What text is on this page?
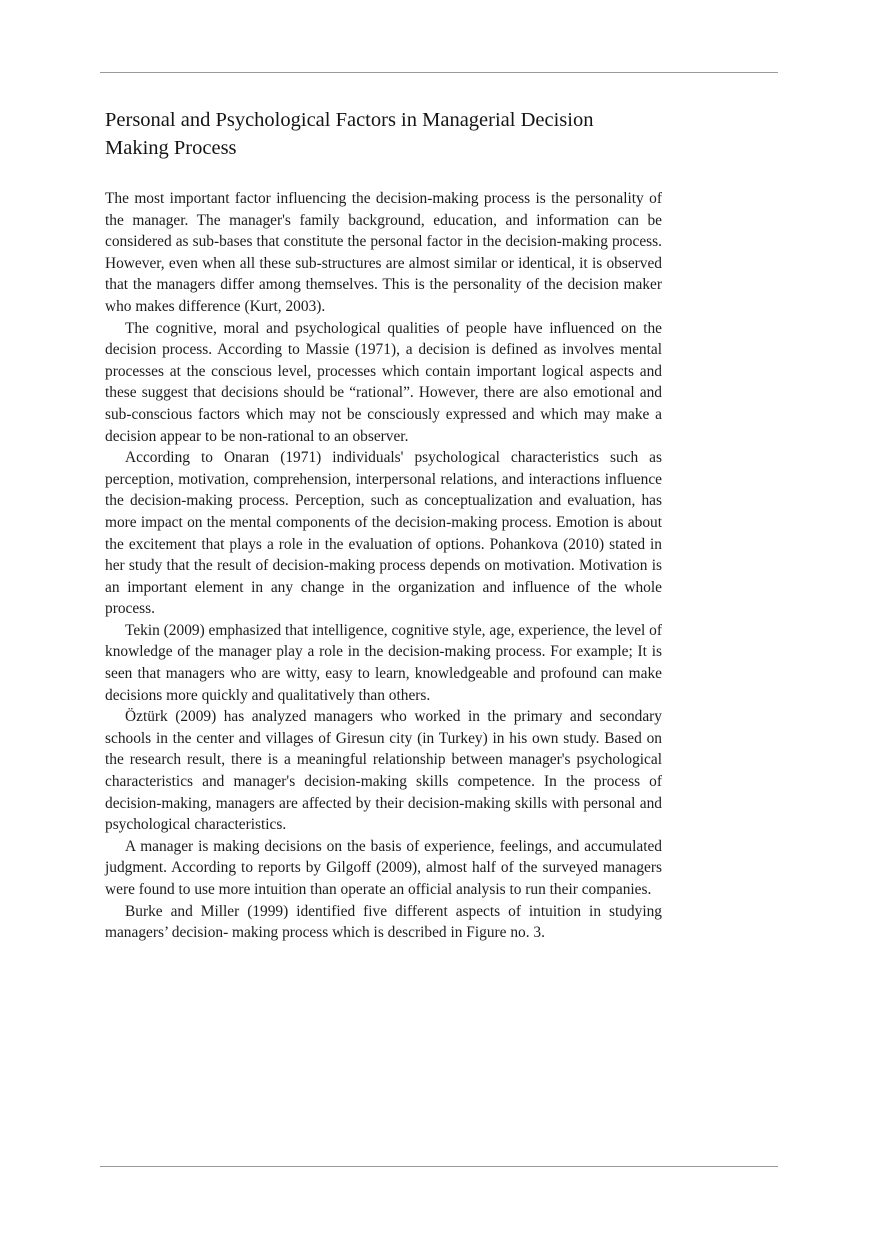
Personal and Psychological Factors in Managerial Decision Making Process

The most important factor influencing the decision-making process is the personality of the manager. The manager's family background, education, and information can be considered as sub-bases that constitute the personal factor in the decision-making process. However, even when all these sub-structures are almost similar or identical, it is observed that the managers differ among themselves. This is the personality of the decision maker who makes difference (Kurt, 2003).

The cognitive, moral and psychological qualities of people have influenced on the decision process. According to Massie (1971), a decision is defined as involves mental processes at the conscious level, processes which contain important logical aspects and these suggest that decisions should be “rational”. However, there are also emotional and sub-conscious factors which may not be consciously expressed and which may make a decision appear to be non-rational to an observer.

According to Onaran (1971) individuals' psychological characteristics such as perception, motivation, comprehension, interpersonal relations, and interactions influence the decision-making process. Perception, such as conceptualization and evaluation, has more impact on the mental components of the decision-making process. Emotion is about the excitement that plays a role in the evaluation of options. Pohankova (2010) stated in her study that the result of decision-making process depends on motivation. Motivation is an important element in any change in the organization and influence of the whole process.

Tekin (2009) emphasized that intelligence, cognitive style, age, experience, the level of knowledge of the manager play a role in the decision-making process. For example; It is seen that managers who are witty, easy to learn, knowledgeable and profound can make decisions more quickly and qualitatively than others.

Öztürk (2009) has analyzed managers who worked in the primary and secondary schools in the center and villages of Giresun city (in Turkey) in his own study. Based on the research result, there is a meaningful relationship between manager's psychological characteristics and manager's decision-making skills competence. In the process of decision-making, managers are affected by their decision-making skills with personal and psychological characteristics.

A manager is making decisions on the basis of experience, feelings, and accumulated judgment. According to reports by Gilgoff (2009), almost half of the surveyed managers were found to use more intuition than operate an official analysis to run their companies.

Burke and Miller (1999) identified five different aspects of intuition in studying managers’ decision- making process which is described in Figure no. 3.
